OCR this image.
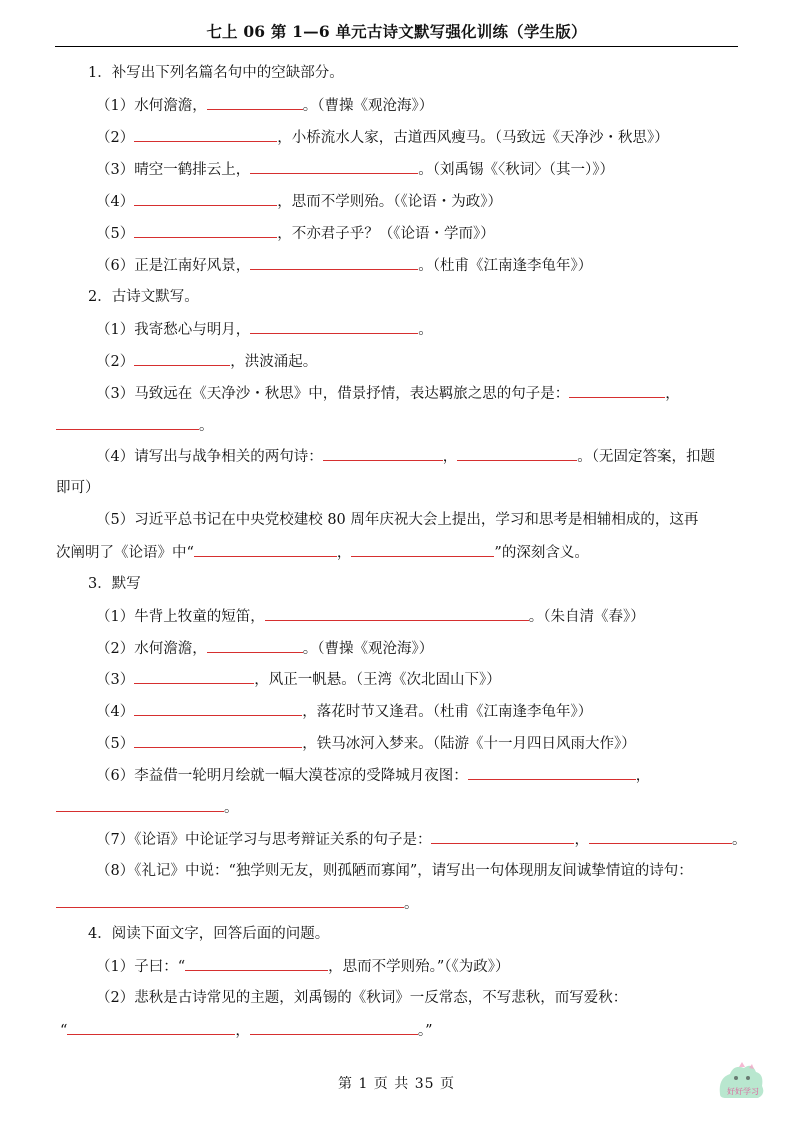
七上 06 第 1—6 单元古诗文默写强化训练（学生版）
1．补写出下列名篇名句中的空缺部分。
（1）水何澹澹，	。（曹操《观沧海》）
（2）	，小桥流水人家，古道西风瘦马。（马致远《天净沙・秋思》）
（3）晴空一鹤排云上，	。（刘禹锡《〈秋词〉（其一）》）
（4）	，思而不学则殆。（《论语・为政》）
（5）	，不亦君子乎？（《论语・学而》）
（6）正是江南好风景，	。（杜甫《江南逢李龟年》）
2．古诗文默写。
（1）我寄愁心与明月，	。
（2）	，洪波涌起。
（3）马致远在《天净沙・秋思》中，借景抒情，表达羁旅之思的句子是：	，
。
（4）请写出与战争相关的两句诗：	，	。（无固定答案，扣题
即可）
（5）习近平总书记在中央党校建校 80 周年庆祝大会上提出，学习和思考是相辅相成的，这再
次阐明了《论语》中“	，	”的深刻含义。
3．默写
（1）牛背上牧童的短笛，	。（朱自清《春》）
（2）水何澹澹，	。（曹操《观沧海》）
（3）	，风正一帆悬。（王湾《次北固山下》）
（4）	，落花时节又逢君。（杜甫《江南逢李龟年》）
（5）	，铁马冰河入梦来。（陆游《十一月四日风雨大作》）
（6）李益借一轮明月绘就一幅大漠苍凉的受降城月夜图：	，
。
（7）《论语》中论证学习与思考辩证关系的句子是：	，	。
（8）《礼记》中说：“独学则无友，则孤陋而寡闻”，请写出一句体现朋友间诚挚情谊的诗句：
。
4．阅读下面文字，回答后面的问题。
（1）子曰：“	，思而不学则殆。”（《为政》）
（2）悲秋是古诗常见的主题，刘禹锡的《秋词》一反常态，不写悲秋，而写爱秋：
“	，	。”
第 1 页 共 35 页	好好学习
